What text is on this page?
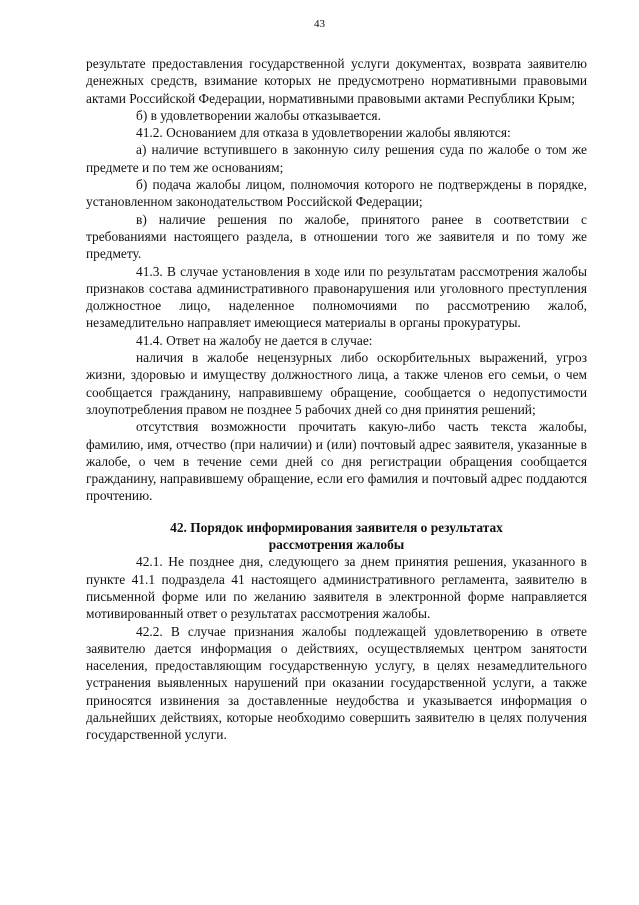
43

результате предоставления государственной услуги документах, возврата заявителю денежных средств, взимание которых не предусмотрено нормативными правовыми актами Российской Федерации, нормативными правовыми актами Республики Крым;

б) в удовлетворении жалобы отказывается.

41.2. Основанием для отказа в удовлетворении жалобы являются:

а) наличие вступившего в законную силу решения суда по жалобе о том же предмете и по тем же основаниям;

б) подача жалобы лицом, полномочия которого не подтверждены в порядке, установленном законодательством Российской Федерации;

в) наличие решения по жалобе, принятого ранее в соответствии с требованиями настоящего раздела, в отношении того же заявителя и по тому же предмету.

41.3. В случае установления в ходе или по результатам рассмотрения жалобы признаков состава административного правонарушения или уголовного преступления должностное лицо, наделенное полномочиями по рассмотрению жалоб, незамедлительно направляет имеющиеся материалы в органы прокуратуры.

41.4. Ответ на жалобу не дается в случае:

наличия в жалобе нецензурных либо оскорбительных выражений, угроз жизни, здоровью и имуществу должностного лица, а также членов его семьи, о чем сообщается гражданину, направившему обращение, сообщается о недопустимости злоупотребления правом не позднее 5 рабочих дней со дня принятия решений;

отсутствия возможности прочитать какую-либо часть текста жалобы, фамилию, имя, отчество (при наличии) и (или) почтовый адрес заявителя, указанные в жалобе, о чем в течение семи дней со дня регистрации обращения сообщается гражданину, направившему обращение, если его фамилия и почтовый адрес поддаются прочтению.

42. Порядок информирования заявителя о результатах
рассмотрения жалобы

42.1. Не позднее дня, следующего за днем принятия решения, указанного в пункте 41.1 подраздела 41 настоящего административного регламента, заявителю в письменной форме или по желанию заявителя в электронной форме направляется мотивированный ответ о результатах рассмотрения жалобы.

42.2. В случае признания жалобы подлежащей удовлетворению в ответе заявителю дается информация о действиях, осуществляемых центром занятости населения, предоставляющим государственную услугу, в целях незамедлительного устранения выявленных нарушений при оказании государственной услуги, а также приносятся извинения за доставленные неудобства и указывается информация о дальнейших действиях, которые необходимо совершить заявителю в целях получения государственной услуги.
